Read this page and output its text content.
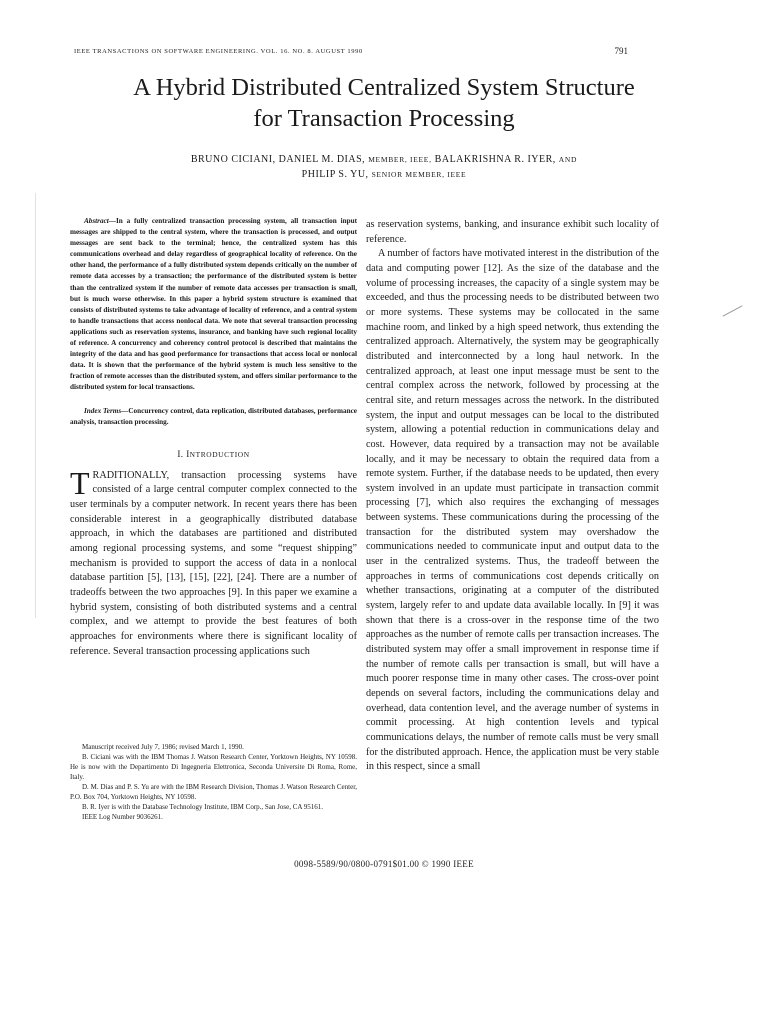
IEEE TRANSACTIONS ON SOFTWARE ENGINEERING. VOL. 16. NO. 8. AUGUST 1990	791
A Hybrid Distributed Centralized System Structure
for Transaction Processing
BRUNO CICIANI, DANIEL M. DIAS, MEMBER, IEEE, BALAKRISHNA R. IYER, AND
PHILIP S. YU, SENIOR MEMBER, IEEE

Abstract—In a fully centralized transaction processing system, all transaction input messages are shipped to the central system, where the transaction is processed, and output messages are sent back to the terminal; hence, the centralized system has this communications overhead and delay regardless of geographical locality of reference. On the other hand, the performance of a fully distributed system depends critically on the number of remote data accesses by a transaction; the performance of the distributed system is better than the centralized system if the number of remote data accesses per transaction is small, but is much worse otherwise. In this paper a hybrid system structure is examined that consists of distributed systems to take advantage of locality of reference, and a central system to handle transactions that access nonlocal data. We note that several transaction processing applications such as reservation systems, insurance, and banking have such regional locality of reference. A concurrency and coherency control protocol is described that maintains the integrity of the data and has good performance for transactions that access local or nonlocal data. It is shown that the performance of the hybrid system is much less sensitive to the fraction of remote accesses than the distributed system, and offers similar performance to the distributed system for local transactions.

Index Terms—Concurrency control, data replication, distributed databases, performance analysis, transaction processing.

I. INTRODUCTION

TRADITIONALLY, transaction processing systems have consisted of a large central computer complex connected to the user terminals by a computer network. In recent years there has been considerable interest in a geographically distributed database approach, in which the databases are partitioned and distributed among regional processing systems, and some “request shipping” mechanism is provided to support the access of data in a nonlocal database partition [5], [13], [15], [22], [24]. There are a number of tradeoffs between the two approaches [9]. In this paper we examine a hybrid system, consisting of both distributed systems and a central complex, and we attempt to provide the best features of both approaches for environments where there is significant locality of reference. Several transaction processing applications such

Manuscript received July 7, 1986; revised March 1, 1990.

B. Ciciani was with the IBM Thomas J. Watson Research Center, Yorktown Heights, NY 10598. He is now with the Departimento Di Ingegneria Elettronica, Seconda Universite Di Roma, Rome, Italy.

D. M. Dias and P. S. Yu are with the IBM Research Division, Thomas J. Watson Research Center, P.O. Box 704, Yorktown Heights, NY 10598.

B. R. Iyer is with the Database Technology Institute, IBM Corp., San Jose, CA 95161.

IEEE Log Number 9036261.

as reservation systems, banking, and insurance exhibit such locality of reference.

A number of factors have motivated interest in the distribution of the data and computing power [12]. As the size of the database and the volume of processing increases, the capacity of a single system may be exceeded, and thus the processing needs to be distributed between two or more systems. These systems may be collocated in the same machine room, and linked by a high speed network, thus extending the centralized approach. Alternatively, the system may be geographically distributed and interconnected by a long haul network. In the centralized approach, at least one input message must be sent to the central complex across the network, followed by processing at the central site, and return messages across the network. In the distributed system, the input and output messages can be local to the distributed system, allowing a potential reduction in communications delay and cost. However, data required by a transaction may not be available locally, and it may be necessary to obtain the required data from a remote system. Further, if the database needs to be updated, then every system involved in an update must participate in transaction commit processing [7], which also requires the exchanging of messages between systems. These communications during the processing of the transaction for the distributed system may overshadow the communications needed to communicate input and output data to the user in the centralized systems. Thus, the tradeoff between the approaches in terms of communications cost depends critically on whether transactions, originating at a computer of the distributed system, largely refer to and update data available locally. In [9] it was shown that there is a cross-over in the response time of the two approaches as the number of remote calls per transaction increases. The distributed system may offer a small improvement in response time if the number of remote calls per transaction is small, but will have a much poorer response time in many other cases. The cross-over point depends on several factors, including the communications delay and overhead, data contention level, and the average number of systems in commit processing. At high contention levels and typical communications delays, the number of remote calls must be very small for the distributed approach. Hence, the application must be very stable in this respect, since a small

0098-5589/90/0800-0791$01.00 © 1990 IEEE
